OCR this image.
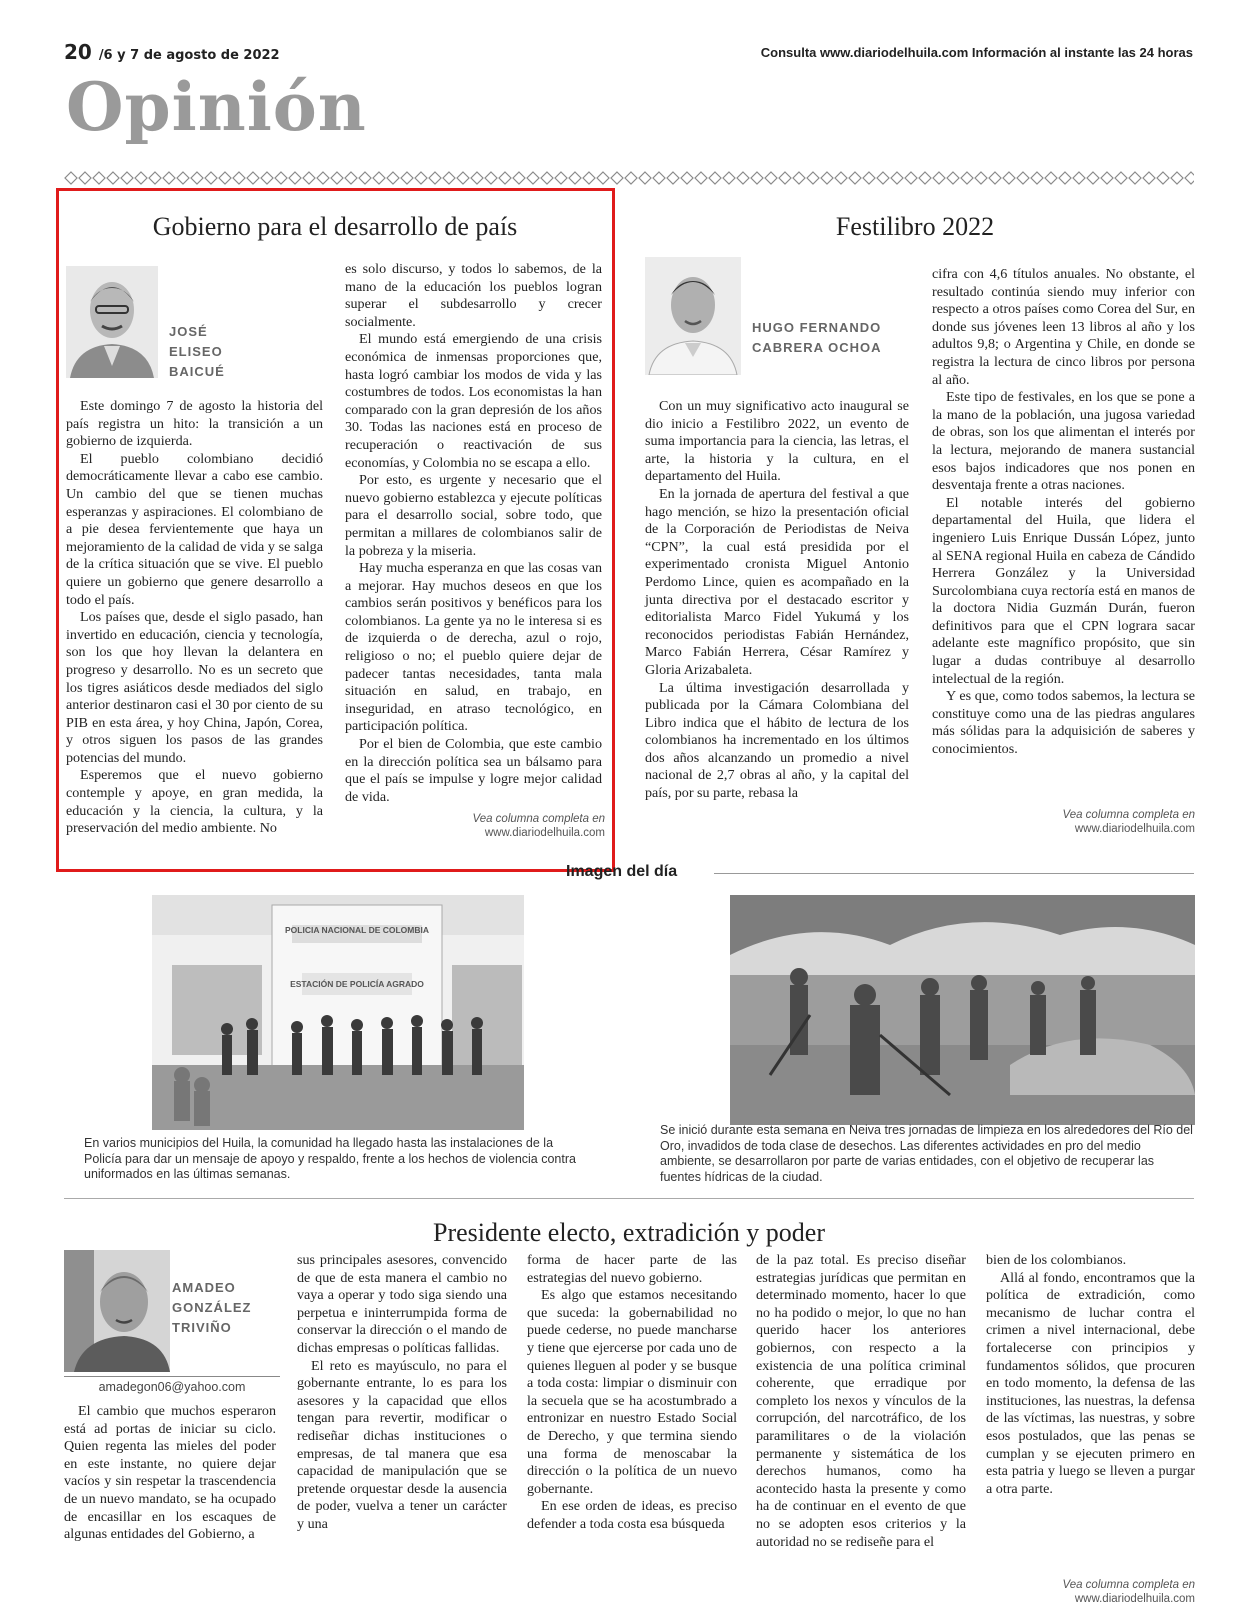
20 /6 y 7 de agosto de 2022	Consulta www.diariodelhuila.com Información al instante las 24 horas
Opinión
Gobierno para el desarrollo de país
JOSÉ
ELISEO
BAICUÉ

Este domingo 7 de agosto la historia del país registra un hito: la transición a un gobierno de izquierda.

El pueblo colombiano decidió democráticamente llevar a cabo ese cambio. Un cambio del que se tienen muchas esperanzas y aspiraciones. El colombiano de a pie desea fervientemente que haya un mejoramiento de la calidad de vida y se salga de la crítica situación que se vive. El pueblo quiere un gobierno que genere desarrollo a todo el país.

Los países que, desde el siglo pasado, han invertido en educación, ciencia y tecnología, son los que hoy llevan la delantera en progreso y desarrollo. No es un secreto que los tigres asiáticos desde mediados del siglo anterior destinaron casi el 30 por ciento de su PIB en esta área, y hoy China, Japón, Corea, y otros siguen los pasos de las grandes potencias del mundo.

Esperemos que el nuevo gobierno contemple y apoye, en gran medida, la educación y la ciencia, la cultura, y la preservación del medio ambiente. No

es solo discurso, y todos lo sabemos, de la mano de la educación los pueblos logran superar el subdesarrollo y crecer socialmente.

El mundo está emergiendo de una crisis económica de inmensas proporciones que, hasta logró cambiar los modos de vida y las costumbres de todos. Los economistas la han comparado con la gran depresión de los años 30. Todas las naciones está en proceso de recuperación o reactivación de sus economías, y Colombia no se escapa a ello.

Por esto, es urgente y necesario que el nuevo gobierno establezca y ejecute políticas para el desarrollo social, sobre todo, que permitan a millares de colombianos salir de la pobreza y la miseria.

Hay mucha esperanza en que las cosas van a mejorar. Hay muchos deseos en que los cambios serán positivos y benéficos para los colombianos. La gente ya no le interesa si es de izquierda o de derecha, azul o rojo, religioso o no; el pueblo quiere dejar de padecer tantas necesidades, tanta mala situación en salud, en trabajo, en inseguridad, en atraso tecnológico, en participación política.

Por el bien de Colombia, que este cambio en la dirección política sea un bálsamo para que el país se impulse y logre mejor calidad de vida.

Vea columna completa en
www.diariodelhuila.com
Festilibro 2022
HUGO FERNANDO
CABRERA OCHOA

Con un muy significativo acto inaugural se dio inicio a Festilibro 2022, un evento de suma importancia para la ciencia, las letras, el arte, la historia y la cultura, en el departamento del Huila.

En la jornada de apertura del festival a que hago mención, se hizo la presentación oficial de la Corporación de Periodistas de Neiva “CPN”, la cual está presidida por el experimentado cronista Miguel Antonio Perdomo Lince, quien es acompañado en la junta directiva por el destacado escritor y editorialista Marco Fidel Yukumá y los reconocidos periodistas Fabián Hernández, Marco Fabián Herrera, César Ramírez y Gloria Arizabaleta.

La última investigación desarrollada y publicada por la Cámara Colombiana del Libro indica que el hábito de lectura de los colombianos ha incrementado en los últimos dos años alcanzando un promedio a nivel nacional de 2,7 obras al año, y la capital del país, por su parte, rebasa la

cifra con 4,6 títulos anuales. No obstante, el resultado continúa siendo muy inferior con respecto a otros países como Corea del Sur, en donde sus jóvenes leen 13 libros al año y los adultos 9,8; o Argentina y Chile, en donde se registra la lectura de cinco libros por persona al año.

Este tipo de festivales, en los que se pone a la mano de la población, una jugosa variedad de obras, son los que alimentan el interés por la lectura, mejorando de manera sustancial esos bajos indicadores que nos ponen en desventaja frente a otras naciones.

El notable interés del gobierno departamental del Huila, que lidera el ingeniero Luis Enrique Dussán López, junto al SENA regional Huila en cabeza de Cándido Herrera González y la Universidad Surcolombiana cuya rectoría está en manos de la doctora Nidia Guzmán Durán, fueron definitivos para que el CPN lograra sacar adelante este magnífico propósito, que sin lugar a dudas contribuye al desarrollo intelectual de la región.

Y es que, como todos sabemos, la lectura se constituye como una de las piedras angulares más sólidas para la adquisición de saberes y conocimientos.

Vea columna completa en
www.diariodelhuila.com
Imagen del día
POLICIA NACIONAL DE COLOMBIA
ESTACIÓN DE POLICÍA AGRADO
En varios municipios del Huila, la comunidad ha llegado hasta las instalaciones de la Policía para dar un mensaje de apoyo y respaldo, frente a los hechos de violencia contra uniformados en las últimas semanas.
Se inició durante esta semana en Neiva tres jornadas de limpieza en los alrededores del Río del Oro, invadidos de toda clase de desechos. Las diferentes actividades en pro del medio ambiente, se desarrollaron por parte de varias entidades, con el objetivo de recuperar las fuentes hídricas de la ciudad.
Presidente electo, extradición y poder
AMADEO
GONZÁLEZ
TRIVIÑO
amadegon06@yahoo.com

El cambio que muchos esperaron está ad portas de iniciar su ciclo. Quien regenta las mieles del poder en este instante, no quiere dejar vacíos y sin respetar la trascendencia de un nuevo mandato, se ha ocupado de encasillar en los escaques de algunas entidades del Gobierno, a

sus principales asesores, convencido de que de esta manera el cambio no vaya a operar y todo siga siendo una perpetua e ininterrumpida forma de conservar la dirección o el mando de dichas empresas o políticas fallidas.

El reto es mayúsculo, no para el gobernante entrante, lo es para los asesores y la capacidad que ellos tengan para revertir, modificar o rediseñar dichas instituciones o empresas, de tal manera que esa capacidad de manipulación que se pretende orquestar desde la ausencia de poder, vuelva a tener un carácter y una

forma de hacer parte de las estrategias del nuevo gobierno.

Es algo que estamos necesitando que suceda: la gobernabilidad no puede cederse, no puede mancharse y tiene que ejercerse por cada uno de quienes lleguen al poder y se busque a toda costa: limpiar o disminuir con la secuela que se ha acostumbrado a entronizar en nuestro Estado Social de Derecho, y que termina siendo una forma de menoscabar la dirección o la política de un nuevo gobernante.

En ese orden de ideas, es preciso defender a toda costa esa búsqueda

de la paz total. Es preciso diseñar estrategias jurídicas que permitan en determinado momento, hacer lo que no ha podido o mejor, lo que no han querido hacer los anteriores gobiernos, con respecto a la existencia de una política criminal coherente, que erradique por completo los nexos y vínculos de la corrupción, del narcotráfico, de los paramilitares o de la violación permanente y sistemática de los derechos humanos, como ha acontecido hasta la presente y como ha de continuar en el evento de que no se adopten esos criterios y la autoridad no se rediseñe para el

bien de los colombianos.

Allá al fondo, encontramos que la política de extradición, como mecanismo de luchar contra el crimen a nivel internacional, debe fortalecerse con principios y fundamentos sólidos, que procuren en todo momento, la defensa de las instituciones, las nuestras, la defensa de las víctimas, las nuestras, y sobre esos postulados, que las penas se cumplan y se ejecuten primero en esta patria y luego se lleven a purgar a otra parte.

Vea columna completa en
www.diariodelhuila.com
